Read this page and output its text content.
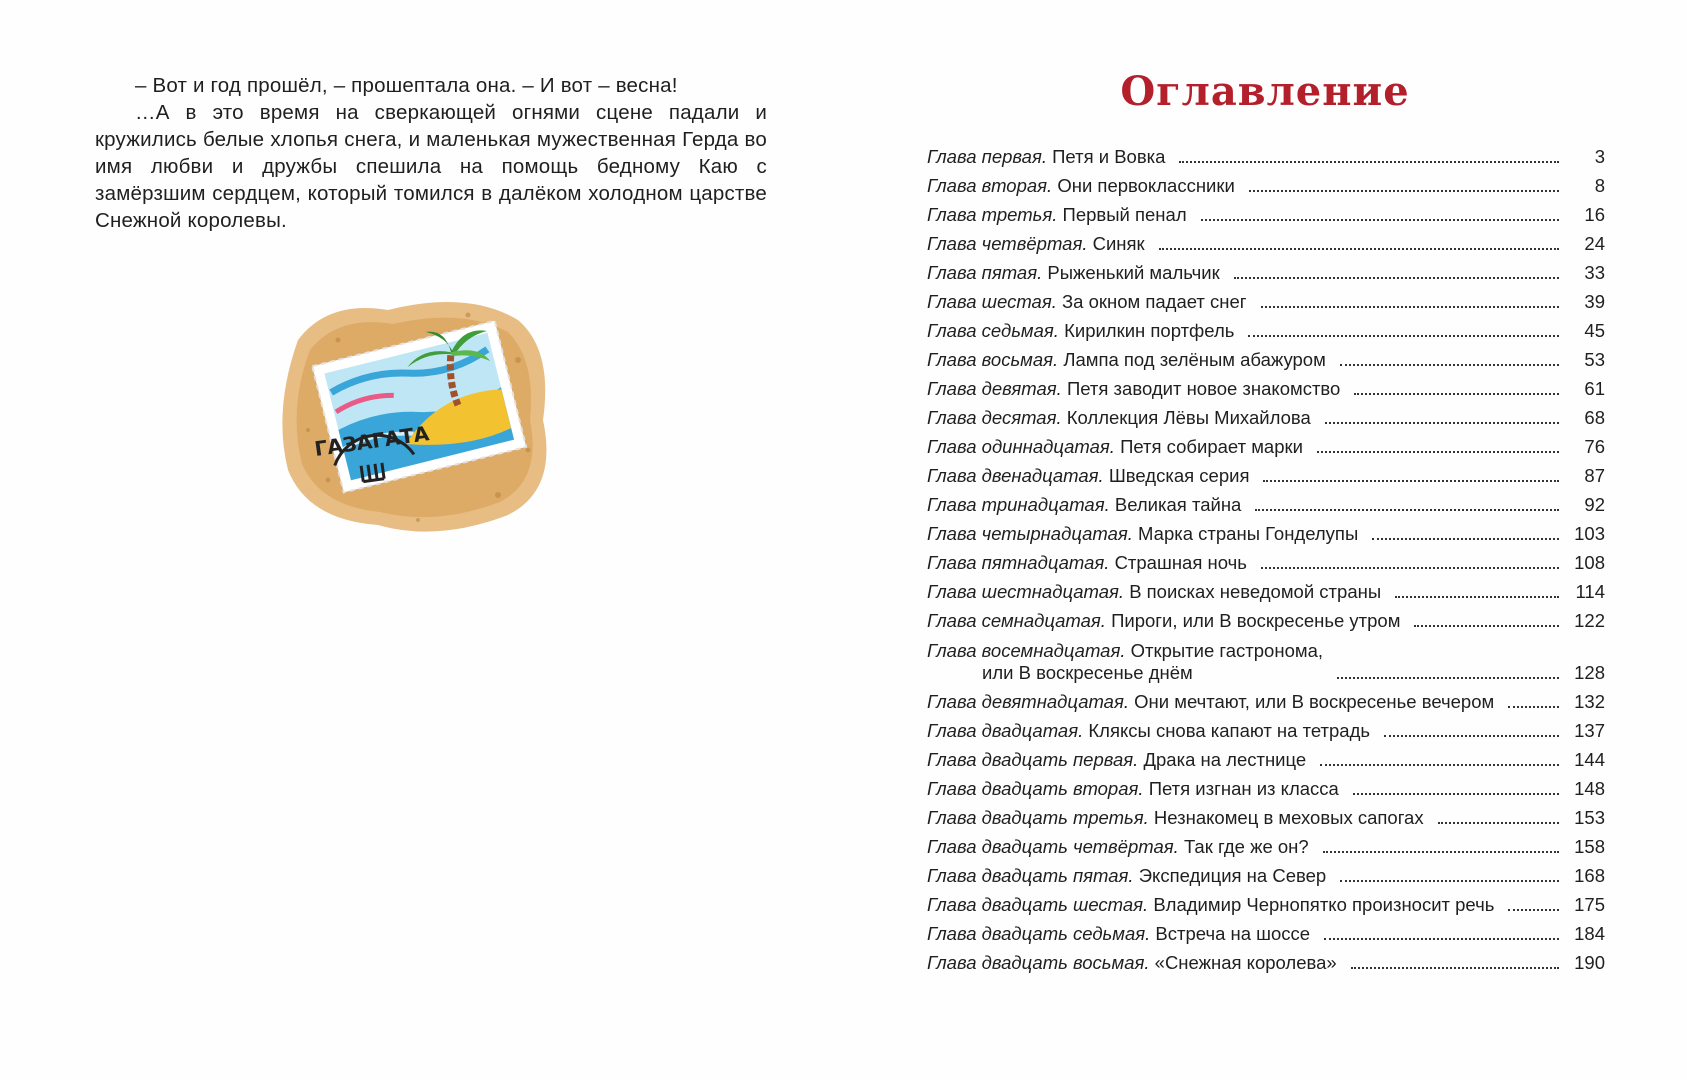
– Вот и год прошёл, – прошептала она. – И вот – весна!

…А в это время на сверкающей огнями сцене падали и кружились белые хлопья снега, и маленькая мужественная Герда во имя любви и дружбы спешила на помощь бедному Каю с замёрзшим сердцем, который томился в далёком холодном царстве Снежной королевы.

ГАЗАГАТА
Оглавление
Глава первая. Петя и Вовка	3
Глава вторая. Они первоклассники	8
Глава третья. Первый пенал	16
Глава четвёртая. Синяк	24
Глава пятая. Рыженький мальчик	33
Глава шестая. За окном падает снег	39
Глава седьмая. Кирилкин портфель	45
Глава восьмая. Лампа под зелёным абажуром	53
Глава девятая. Петя заводит новое знакомство	61
Глава десятая. Коллекция Лёвы Михайлова	68
Глава одиннадцатая. Петя собирает марки	76
Глава двенадцатая. Шведская серия	87
Глава тринадцатая. Великая тайна	92
Глава четырнадцатая. Марка страны Гонделупы	103
Глава пятнадцатая. Страшная ночь	108
Глава шестнадцатая. В поисках неведомой страны	114
Глава семнадцатая. Пироги, или В воскресенье утром	122
Глава восемнадцатая. Открытие гастронома,
или В воскресенье днём	128
Глава девятнадцатая. Они мечтают, или В воскресенье вечером	132
Глава двадцатая. Кляксы снова капают на тетрадь	137
Глава двадцать первая. Драка на лестнице	144
Глава двадцать вторая. Петя изгнан из класса	148
Глава двадцать третья. Незнакомец в меховых сапогах	153
Глава двадцать четвёртая. Так где же он?	158
Глава двадцать пятая. Экспедиция на Север	168
Глава двадцать шестая. Владимир Чернопятко произносит речь	175
Глава двадцать седьмая. Встреча на шоссе	184
Глава двадцать восьмая. «Снежная королева»	190
